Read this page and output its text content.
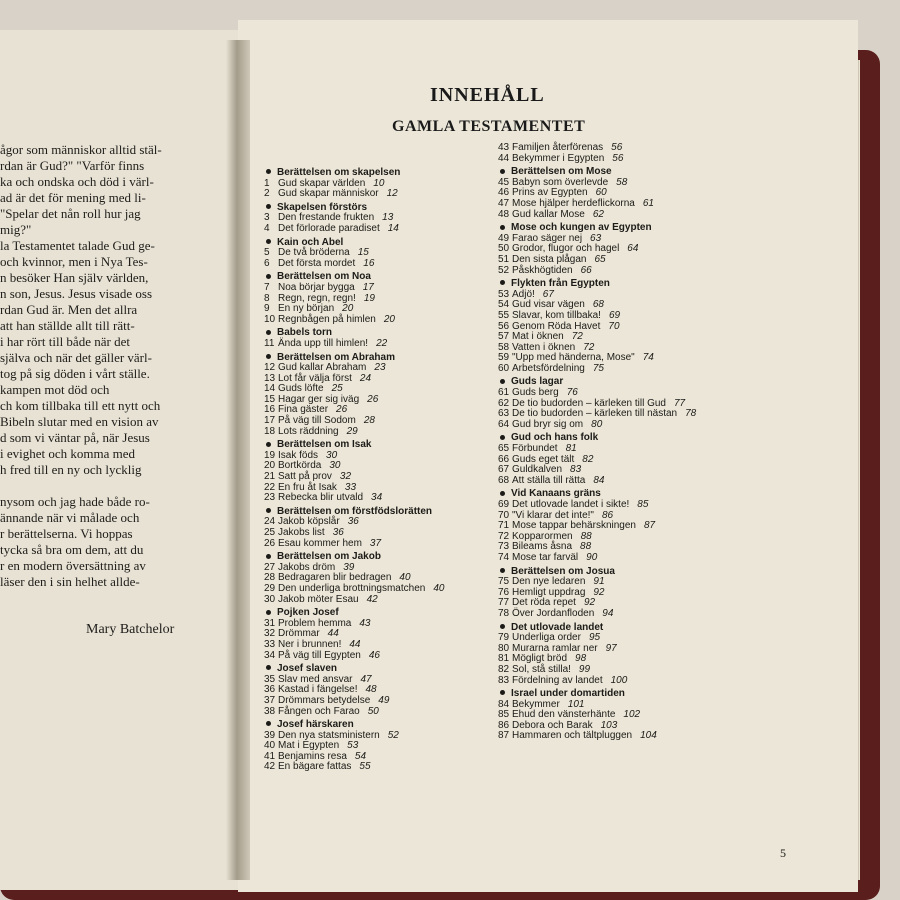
ågor som människor alltid stäl-
rdan är Gud?" "Varför finns
ka och ondska och död i värl-
ad är det för mening med li-
"Spelar det nån roll hur jag
mig?"
la Testamentet talade Gud ge-
och kvinnor, men i Nya Tes-
n besöker Han själv världen,
n son, Jesus. Jesus visade oss
rdan Gud är. Men det allra
att han ställde allt till rätt-
i har rört till både när det
själva och när det gäller värl-
tog på sig döden i vårt ställe.
kampen mot död och
ch kom tillbaka till ett nytt och
Bibeln slutar med en vision av
d som vi väntar på, när Jesus
i evighet och komma med
h fred till en ny och lycklig
nysom och jag hade både ro-
ännande när vi målade och
r berättelserna. Vi hoppas
tycka så bra om dem, att du
r en modern översättning av
läser den i sin helhet allde-
Mary Batchelor
INNEHÅLL
GAMLA TESTAMENTET
Berättelsen om skapelsen
1 Gud skapar världen 10
2 Gud skapar människor 12
Skapelsen förstörs
3 Den frestande frukten 13
4 Det förlorade paradiset 14
Kain och Abel
5 De två bröderna 15
6 Det första mordet 16
Berättelsen om Noa
7 Noa börjar bygga 17
8 Regn, regn, regn! 19
9 En ny början 20
10 Regnbågen på himlen 20
Babels torn
11 Ända upp till himlen! 22
Berättelsen om Abraham
12 Gud kallar Abraham 23
13 Lot får välja först 24
14 Guds löfte 25
15 Hagar ger sig iväg 26
16 Fina gäster 26
17 På väg till Sodom 28
18 Lots räddning 29
Berättelsen om Isak
19 Isak föds 30
20 Bortkörda 30
21 Satt på prov 32
22 En fru åt Isak 33
23 Rebecka blir utvald 34
Berättelsen om förstfödslorätten
24 Jakob köpslår 36
25 Jakobs list 36
26 Esau kommer hem 37
Berättelsen om Jakob
27 Jakobs dröm 39
28 Bedragaren blir bedragen 40
29 Den underliga brottningsmatchen 40
30 Jakob möter Esau 42
Pojken Josef
31 Problem hemma 43
32 Drömmar 44
33 Ner i brunnen! 44
34 På väg till Egypten 46
Josef slaven
35 Slav med ansvar 47
36 Kastad i fängelse! 48
37 Drömmars betydelse 49
38 Fången och Farao 50
Josef härskaren
39 Den nya statsministern 52
40 Mat i Egypten 53
41 Benjamins resa 54
42 En bägare fattas 55
43 Familjen återförenas 56
44 Bekymmer i Egypten 56
Berättelsen om Mose
45 Babyn som överlevde 58
46 Prins av Egypten 60
47 Mose hjälper herdeflickorna 61
48 Gud kallar Mose 62
Mose och kungen av Egypten
49 Farao säger nej 63
50 Grodor, flugor och hagel 64
51 Den sista plågan 65
52 Påskhögtiden 66
Flykten från Egypten
53 Adjö! 67
54 Gud visar vägen 68
55 Slavar, kom tillbaka! 69
56 Genom Röda Havet 70
57 Mat i öknen 72
58 Vatten i öknen 72
59 "Upp med händerna, Mose" 74
60 Arbetsfördelning 75
Guds lagar
61 Guds berg 76
62 De tio budorden – kärleken till Gud 77
63 De tio budorden – kärleken till nästan 78
64 Gud bryr sig om 80
Gud och hans folk
65 Förbundet 81
66 Guds eget tält 82
67 Guldkalven 83
68 Att ställa till rätta 84
Vid Kanaans gräns
69 Det utlovade landet i sikte! 85
70 "Vi klarar det inte!" 86
71 Mose tappar behärskningen 87
72 Kopparormen 88
73 Bileams åsna 88
74 Mose tar farväl 90
Berättelsen om Josua
75 Den nye ledaren 91
76 Hemligt uppdrag 92
77 Det röda repet 92
78 Över Jordanfloden 94
Det utlovade landet
79 Underliga order 95
80 Murarna ramlar ner 97
81 Mögligt bröd 98
82 Sol, stå stilla! 99
83 Fördelning av landet 100
Israel under domartiden
84 Bekymmer 101
85 Ehud den vänsterhänte 102
86 Debora och Barak 103
87 Hammaren och tältpluggen 104
5
